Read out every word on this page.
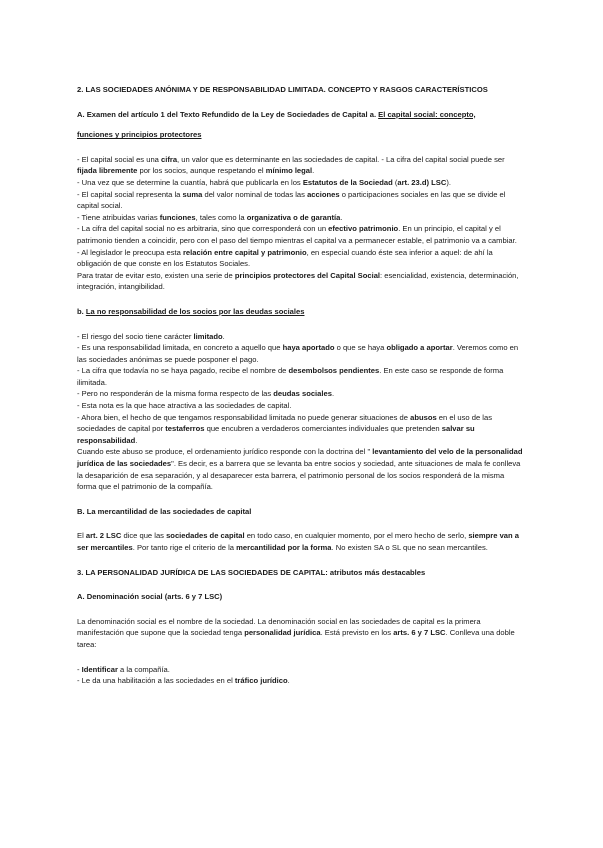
2. LAS SOCIEDADES ANÓNIMA Y DE RESPONSABILIDAD LIMITADA. CONCEPTO Y RASGOS CARACTERÍSTICOS

A. Examen del artículo 1 del Texto Refundido de la Ley de Sociedades de Capital a. El capital social: concepto,

funciones y principios protectores

- El capital social es una cifra, un valor que es determinante en las sociedades de capital. - La cifra del capital social puede ser fijada libremente por los socios, aunque respetando el mínimo legal.

- Una vez que se determine la cuantía, habrá que publicarla en los Estatutos de la Sociedad (art. 23.d) LSC).

- El capital social representa la suma del valor nominal de todas las acciones o participaciones sociales en las que se divide el capital social.

- Tiene atribuidas varias funciones, tales como la organizativa o de garantía.

- La cifra del capital social no es arbitraria, sino que corresponderá con un efectivo patrimonio. En un principio, el capital y el patrimonio tienden a coincidir, pero con el paso del tiempo mientras el capital va a permanecer estable, el patrimonio va a cambiar.

- Al legislador le preocupa esta relación entre capital y patrimonio, en especial cuando éste sea inferior a aquel: de ahí la obligación de que conste en los Estatutos Sociales.

Para tratar de evitar esto, existen una serie de principios protectores del Capital Social: esencialidad, existencia, determinación, integración, intangibilidad.

b. La no responsabilidad de los socios por las deudas sociales

- El riesgo del socio tiene carácter limitado.

- Es una responsabilidad limitada, en concreto a aquello que haya aportado o que se haya obligado a aportar. Veremos como en las sociedades anónimas se puede posponer el pago.

- La cifra que todavía no se haya pagado, recibe el nombre de desembolsos pendientes. En este caso se responde de forma ilimitada.

- Pero no responderán de la misma forma respecto de las deudas sociales.

- Esta nota es la que hace atractiva a las sociedades de capital.

- Ahora bien, el hecho de que tengamos responsabilidad limitada no puede generar situaciones de abusos en el uso de las sociedades de capital por testaferros que encubren a verdaderos comerciantes individuales que pretenden salvar su responsabilidad.

Cuando este abuso se produce, el ordenamiento jurídico responde con la doctrina del " levantamiento del velo de la personalidad jurídica de las sociedades". Es decir, es a barrera que se levanta ba entre socios y sociedad, ante situaciones de mala fe conlleva la desaparición de esa separación, y al desaparecer esta barrera, el patrimonio personal de los socios responderá de la misma forma que el patrimonio de la compañía.

B. La mercantilidad de las sociedades de capital

El art. 2 LSC dice que las sociedades de capital en todo caso, en cualquier momento, por el mero hecho de serlo, siempre van a ser mercantiles. Por tanto rige el criterio de la mercantilidad por la forma. No existen SA o SL que no sean mercantiles.

3. LA PERSONALIDAD JURÍDICA DE LAS SOCIEDADES DE CAPITAL: atributos más destacables

A. Denominación social (arts. 6 y 7 LSC)

La denominación social es el nombre de la sociedad. La denominación social en las sociedades de capital es la primera manifestación que supone que la sociedad tenga personalidad jurídica. Está previsto en los arts. 6 y 7 LSC. Conlleva una doble tarea:

- Identificar a la compañía.

- Le da una habilitación a las sociedades en el tráfico jurídico.
